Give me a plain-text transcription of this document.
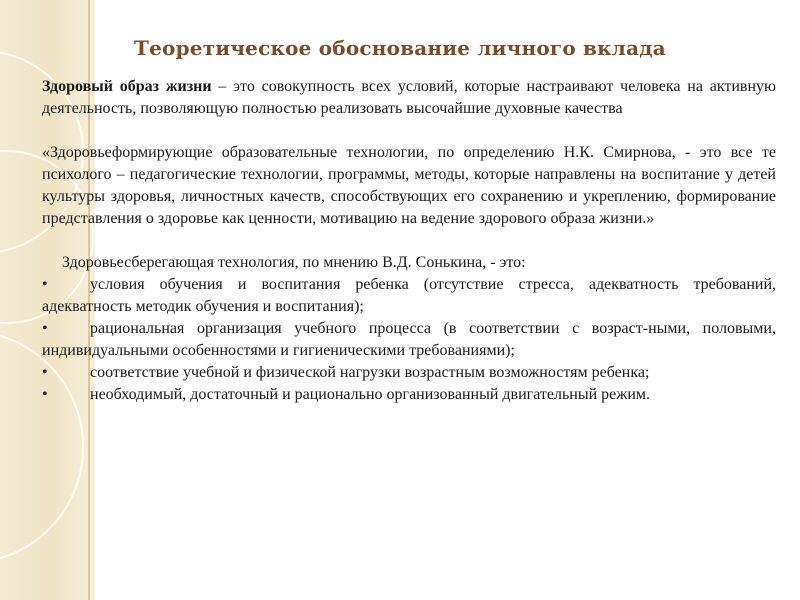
Теоретическое обоснование личного вклада

Здоровый образ жизни – это совокупность всех условий, которые настраивают человека на активную деятельность, позволяющую полностью реализовать высочайшие духовные качества

«Здоровьеформирующие образовательные технологии, по определению Н.К. Смирнова, - это все те психолого – педагогические технологии, программы, методы, которые направлены на воспитание у детей культуры здоровья, личностных качеств, способствующих его сохранению и укреплению, формирование представления о здоровье как ценности, мотивацию на ведение здорового образа жизни.»

Здоровьесберегающая технология, по мнению В.Д. Сонькина, - это:

•	условия обучения и воспитания ребенка (отсутствие стресса, адекватность требований, адекватность методик обучения и воспитания);

•	рациональная организация учебного процесса (в соответствии с возраст-ными, половыми, индивидуальными особенностями и гигиеническими требованиями);

•	соответствие учебной и физической нагрузки возрастным возможностям ребенка;

•	необходимый, достаточный и рационально организованный двигательный режим.
